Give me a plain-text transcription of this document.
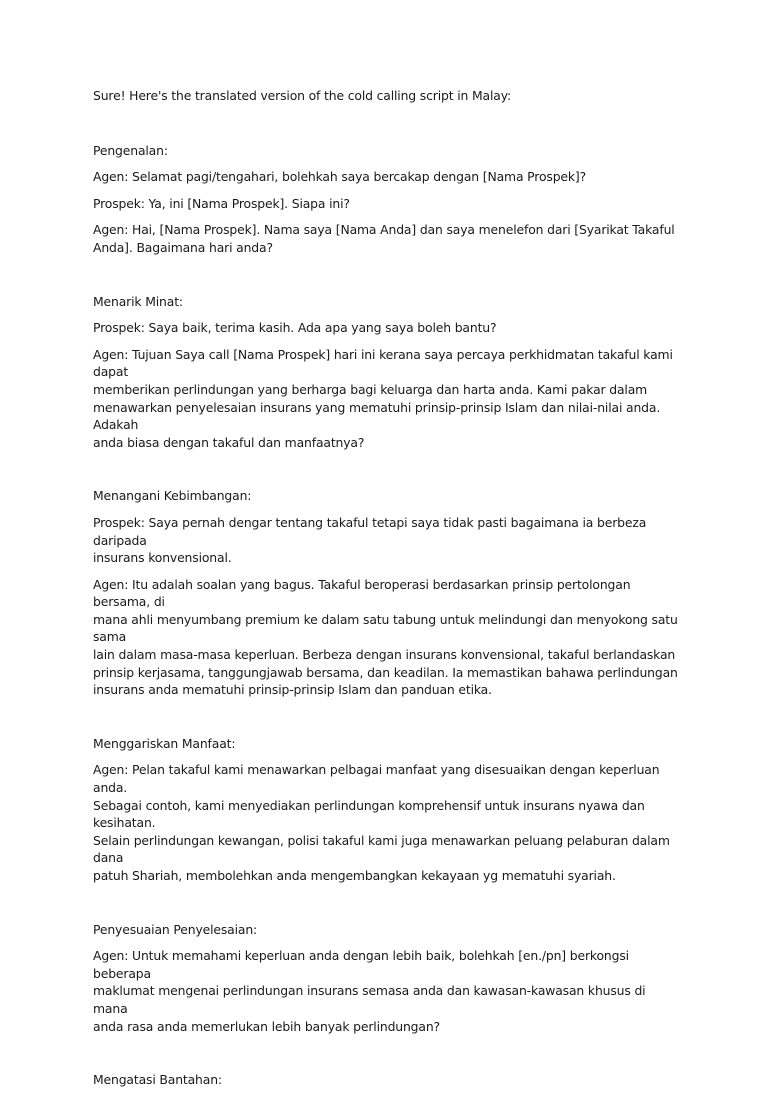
Sure! Here's the translated version of the cold calling script in Malay:

Pengenalan:

Agen: Selamat pagi/tengahari, bolehkah saya bercakap dengan [Nama Prospek]?

Prospek: Ya, ini [Nama Prospek]. Siapa ini?

Agen: Hai, [Nama Prospek]. Nama saya [Nama Anda] dan saya menelefon dari [Syarikat Takaful
Anda]. Bagaimana hari anda?

Menarik Minat:

Prospek: Saya baik, terima kasih. Ada apa yang saya boleh bantu?

Agen: Tujuan Saya call [Nama Prospek] hari ini kerana saya percaya perkhidmatan takaful kami dapat
memberikan perlindungan yang berharga bagi keluarga dan harta anda. Kami pakar dalam
menawarkan penyelesaian insurans yang mematuhi prinsip-prinsip Islam dan nilai-nilai anda. Adakah
anda biasa dengan takaful dan manfaatnya?

Menangani Kebimbangan:

Prospek: Saya pernah dengar tentang takaful tetapi saya tidak pasti bagaimana ia berbeza daripada
insurans konvensional.

Agen: Itu adalah soalan yang bagus. Takaful beroperasi berdasarkan prinsip pertolongan bersama, di
mana ahli menyumbang premium ke dalam satu tabung untuk melindungi dan menyokong satu sama
lain dalam masa-masa keperluan. Berbeza dengan insurans konvensional, takaful berlandaskan
prinsip kerjasama, tanggungjawab bersama, dan keadilan. Ia memastikan bahawa perlindungan
insurans anda mematuhi prinsip-prinsip Islam dan panduan etika.

Menggariskan Manfaat:

Agen: Pelan takaful kami menawarkan pelbagai manfaat yang disesuaikan dengan keperluan anda.
Sebagai contoh, kami menyediakan perlindungan komprehensif untuk insurans nyawa dan kesihatan.
Selain perlindungan kewangan, polisi takaful kami juga menawarkan peluang pelaburan dalam dana
patuh Shariah, membolehkan anda mengembangkan kekayaan yg mematuhi syariah.

Penyesuaian Penyelesaian:

Agen: Untuk memahami keperluan anda dengan lebih baik, bolehkah [en./pn] berkongsi beberapa
maklumat mengenai perlindungan insurans semasa anda dan kawasan-kawasan khusus di mana
anda rasa anda memerlukan lebih banyak perlindungan?

Mengatasi Bantahan:
